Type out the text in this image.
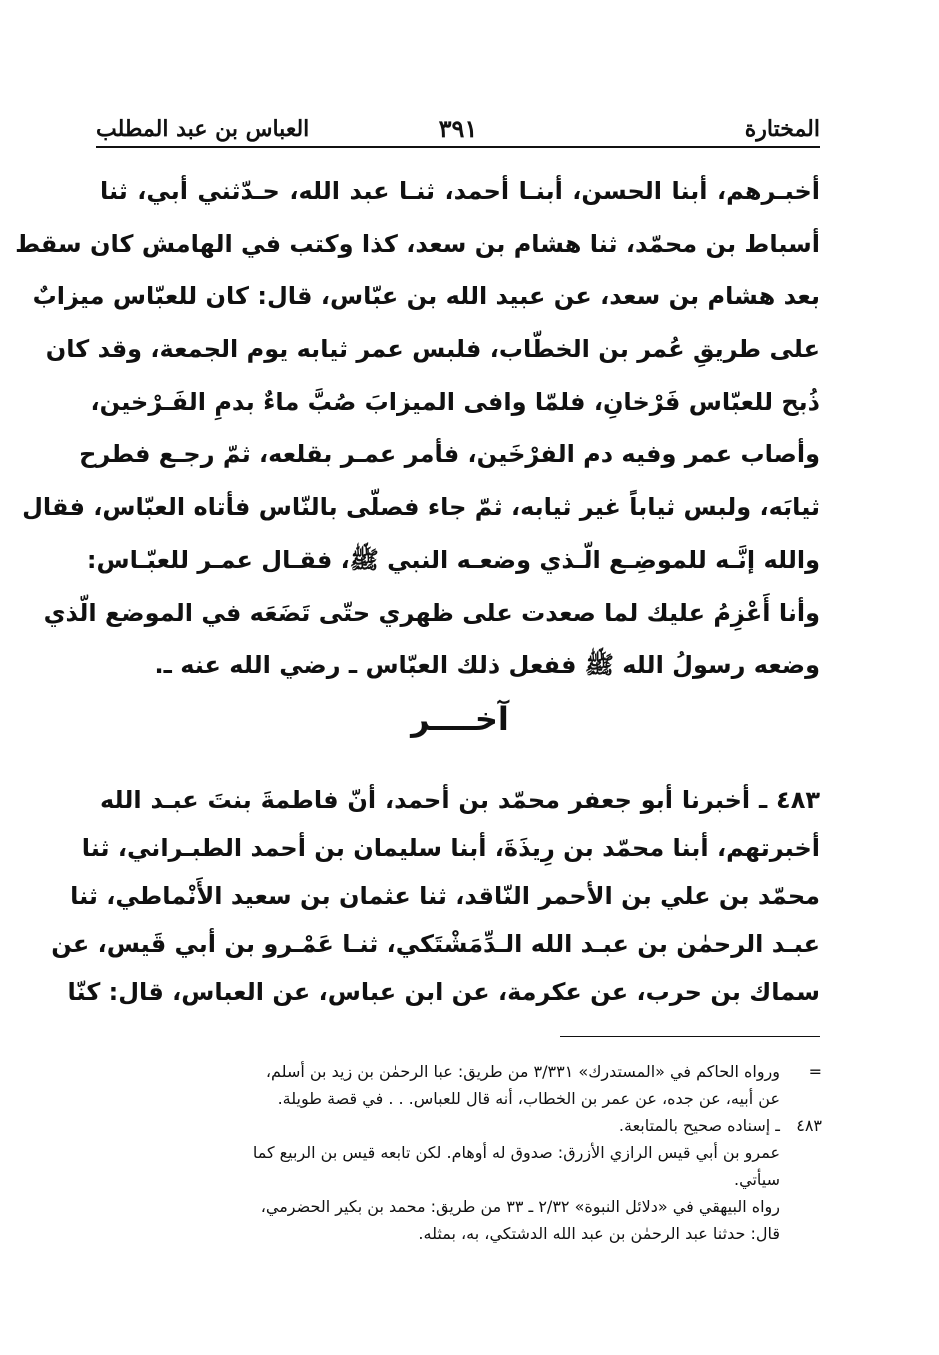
المختارة
٣٩١
العباس بن عبد المطلب
أخبـرهم، أبنا الحسن، أبنـا أحمد، ثنـا عبد الله، حـدّثني أبي، ثنا
أسباط بن محمّد، ثنا هشام بن سعد، كذا وكتب في الهامش كان سقط
بعد هشام بن سعد، عن عبيد الله بن عبّاس، قال: كان للعبّاس ميزابٌ
على طريقِ عُمر بن الخطّاب، فلبس عمر ثيابه يوم الجمعة، وقد كان
ذُبح للعبّاس فَرْخانِ، فلمّا وافى الميزابَ صُبَّ ماءٌ بدمِ الفَـرْخين،
وأصاب عمر وفيه دم الفرْخَين، فأمر عمـر بقلعه، ثمّ رجـع فطرح
ثيابَه، ولبس ثياباً غير ثيابه، ثمّ جاء فصلّى بالنّاس فأتاه العبّاس، فقال
والله إنَّـه للموضِـع الّـذي وضعـه النبي ﷺ، فقـال عمـر للعبّـاس:
وأنا أَعْزِمُ عليك لما صعدت على ظهري حتّى تَضَعَه في الموضع الّذي
وضعه رسولُ الله ﷺ ففعل ذلك العبّاس ـ رضي الله عنه ـ.
آخــــر
٤٨٣ ـ أخبرنا أبو جعفر محمّد بن أحمد، أنّ فاطمةَ بنتَ عبـد الله
أخبرتهم، أبنا محمّد بن رِيذَةَ، أبنا سليمان بن أحمد الطبـراني، ثنا
محمّد بن علي بن الأحمر النّاقد، ثنا عثمان بن سعيد الأَنْماطي، ثنا
عبـد الرحمٰن بن عبـد الله الـدِّمَشْتَكي، ثنـا عَمْـرو بن أبي قَيس، عن
سماك بن حرب، عن عكرمة، عن ابن عباس، عن العباس، قال: كنّا
=
ورواه الحاكم في «المستدرك» ٣/٣٣١ من طريق: عبا الرحمٰن بن زيد بن أسلم،
عن أبيه، عن جده، عن عمر بن الخطاب، أنه قال للعباس. . . في قصة طويلة.
٤٨٣
ـ إسناده صحيح بالمتابعة.
عمرو بن أبي قيس الرازي الأزرق: صدوق له أوهام. لكن تابعه قيس بن الربيع كما
سيأتي.
رواه البيهقي في «دلائل النبوة» ٢/٣٢ ـ ٣٣ من طريق: محمد بن بكير الحضرمي،
قال: حدثنا عبد الرحمٰن بن عبد الله الدشتكي، به، بمثله.
